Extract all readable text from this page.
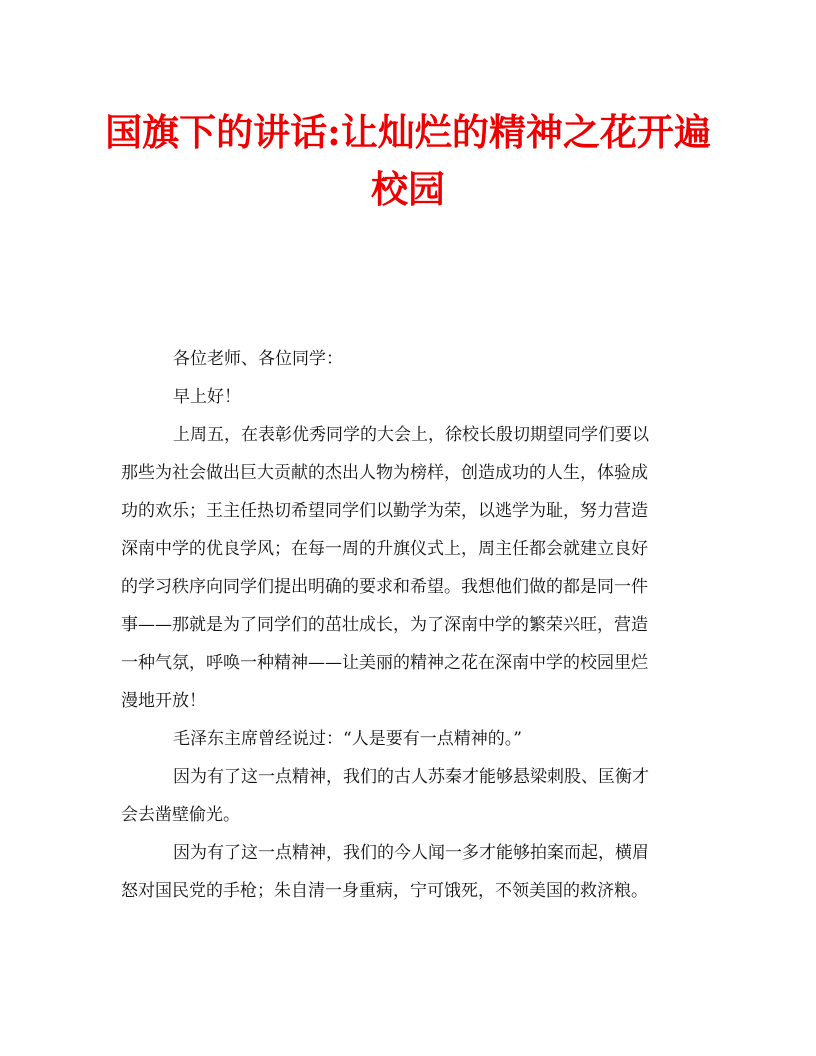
国旗下的讲话:让灿烂的精神之花开遍
校园

各位老师、各位同学：

早上好！

上周五，在表彰优秀同学的大会上，徐校长殷切期望同学们要以
那些为社会做出巨大贡献的杰出人物为榜样，创造成功的人生，体验成
功的欢乐；王主任热切希望同学们以勤学为荣，以逃学为耻，努力营造
深南中学的优良学风；在每一周的升旗仪式上，周主任都会就建立良好
的学习秩序向同学们提出明确的要求和希望。我想他们做的都是同一件
事——那就是为了同学们的茁壮成长，为了深南中学的繁荣兴旺，营造
一种气氛，呼唤一种精神——让美丽的精神之花在深南中学的校园里烂
漫地开放！

毛泽东主席曾经说过：“人是要有一点精神的。”

因为有了这一点精神，我们的古人苏秦才能够悬梁刺股、匡衡才
会去凿壁偷光。

因为有了这一点精神，我们的今人闻一多才能够拍案而起，横眉
怒对国民党的手枪；朱自清一身重病，宁可饿死，不领美国的救济粮。
